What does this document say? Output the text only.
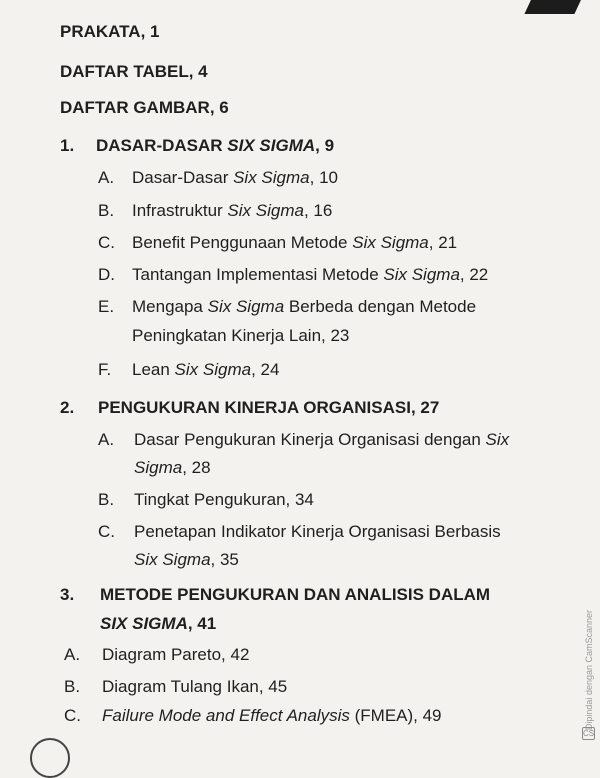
PRAKATA, 1
DAFTAR TABEL, 4
DAFTAR GAMBAR, 6
1. DASAR-DASAR SIX SIGMA, 9
A. Dasar-Dasar Six Sigma, 10
B. Infrastruktur Six Sigma, 16
C. Benefit Penggunaan Metode Six Sigma, 21
D. Tantangan Implementasi Metode Six Sigma, 22
E. Mengapa Six Sigma Berbeda dengan Metode
Peningkatan Kinerja Lain, 23
F. Lean Six Sigma, 24
2. PENGUKURAN KINERJA ORGANISASI, 27
A. Dasar Pengukuran Kinerja Organisasi dengan Six
Sigma, 28
B. Tingkat Pengukuran, 34
C. Penetapan Indikator Kinerja Organisasi Berbasis
Six Sigma, 35
3. METODE PENGUKURAN DAN ANALISIS DALAM
SIX SIGMA, 41
A. Diagram Pareto, 42
B. Diagram Tulang Ikan, 45
C. Failure Mode and Effect Analysis (FMEA), 49	Dipindai dengan CamScanner
CS
